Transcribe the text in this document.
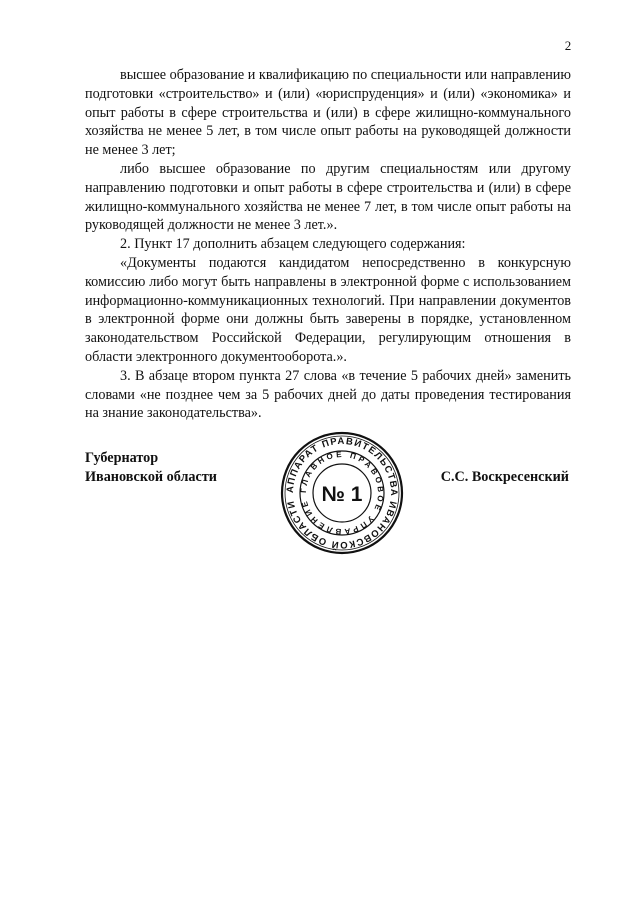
2

высшее образование и квалификацию по специальности или направлению подготовки «строительство» и (или) «юриспруденция» и (или) «экономика» и опыт работы в сфере строительства и (или) в сфере жилищно-коммунального хозяйства не менее 5 лет, в том числе опыт работы на руководящей должности не менее 3 лет;

либо высшее образование по другим специальностям или другому направлению подготовки и опыт работы в сфере строительства и (или) в сфере жилищно-коммунального хозяйства не менее 7 лет, в том числе опыт работы на руководящей должности не менее 3 лет.».

2. Пункт 17 дополнить абзацем следующего содержания:

«Документы подаются кандидатом непосредственно в конкурсную комиссию либо могут быть направлены в электронной форме с использованием информационно-коммуникационных технологий. При направлении документов в электронной форме они должны быть заверены в порядке, установленном законодательством Российской Федерации, регулирующим отношения в области электронного документооборота.».

3. В абзаце втором пункта 27 слова «в течение 5 рабочих дней» заменить словами «не позднее чем за 5 рабочих дней до даты проведения тестирования на знание законодательства».

Губернатор
Ивановской области
АППАРАТ ПРАВИТЕЛЬСТВА ИВАНОВСКОЙ ОБЛАСТИ
ГЛАВНОЕ ПРАВОВОЕ УПРАВЛЕНИЕ № 1
С.С. Воскресенский
